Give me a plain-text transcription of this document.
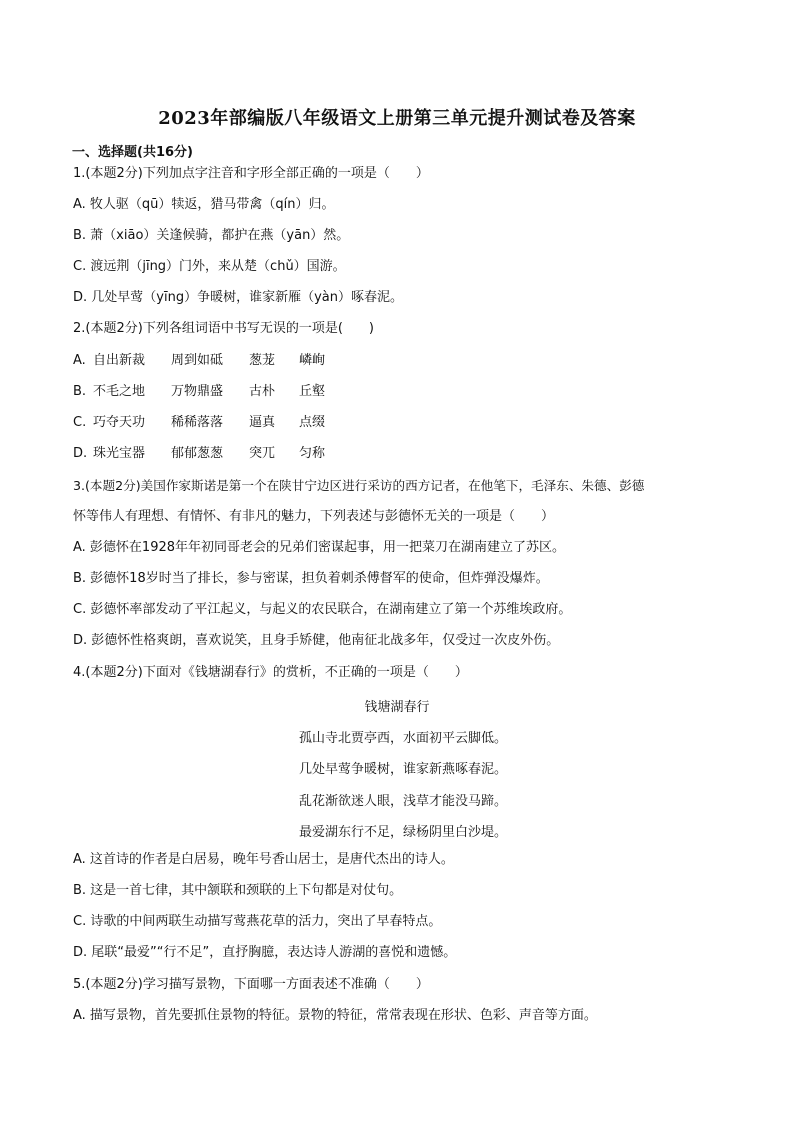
2023年部编版八年级语文上册第三单元提升测试卷及答案
一、选择题(共16分)
1.(本题2分)下列加点字注音和字形全部正确的一项是（　　）
A. 牧人驱（qū）犊返，猎马带禽（qín）归。
B. 萧（xiāo）关逢候骑，都护在燕（yān）然。
C. 渡远荆（jīng）门外，来从楚（chǔ）国游。
D. 几处早莺（yīng）争暖树，谁家新雁（yàn）啄春泥。
2.(本题2分)下列各组词语中书写无误的一项是(　　)
A. 自出新裁 周到如砥 葱茏 嶙峋
B. 不毛之地 万物鼎盛 古朴 丘壑
C. 巧夺天功 稀稀落落 逼真 点缀
D. 珠光宝器 郁郁葱葱 突兀 匀称
3.(本题2分)美国作家斯诺是第一个在陕甘宁边区进行采访的西方记者，在他笔下，毛泽东、朱德、彭德
怀等伟人有理想、有情怀、有非凡的魅力，下列表述与彭德怀无关的一项是（　　）
A. 彭德怀在1928年年初同哥老会的兄弟们密谋起事，用一把菜刀在湖南建立了苏区。
B. 彭德怀18岁时当了排长，参与密谋，担负着刺杀傅督军的使命，但炸弹没爆炸。
C. 彭德怀率部发动了平江起义，与起义的农民联合，在湖南建立了第一个苏维埃政府。
D. 彭德怀性格爽朗，喜欢说笑，且身手矫健，他南征北战多年，仅受过一次皮外伤。
4.(本题2分)下面对《钱塘湖春行》的赏析，不正确的一项是（　　）
钱塘湖春行
孤山寺北贾亭西，水面初平云脚低。
几处早莺争暖树，谁家新燕啄春泥。
乱花渐欲迷人眼，浅草才能没马蹄。
最爱湖东行不足，绿杨阴里白沙堤。
A. 这首诗的作者是白居易，晚年号香山居士，是唐代杰出的诗人。
B. 这是一首七律，其中颔联和颈联的上下句都是对仗句。
C. 诗歌的中间两联生动描写莺燕花草的活力，突出了早春特点。
D. 尾联“最爱”“行不足”，直抒胸臆，表达诗人游湖的喜悦和遗憾。
5.(本题2分)学习描写景物，下面哪一方面表述不准确（　　）
A. 描写景物，首先要抓住景物的特征。景物的特征，常常表现在形状、色彩、声音等方面。
